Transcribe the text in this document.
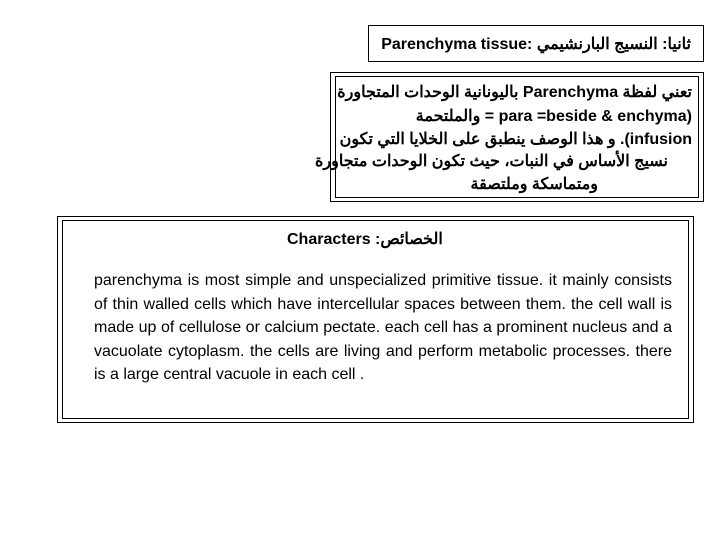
ثانيا: النسيج البارنشيمي :Parenchyma tissue
تعني لفظة Parenchyma باليونانية الوحدات المتجاورة
(para =beside & enchyma = والملتحمة
infusion). و هذا الوصف ينطبق على الخلايا التي تكون
نسيج الأساس في النبات، حيث تكون الوحدات متجاورة
ومتماسكة وملتصقة
Characters :الخصائص
parenchyma is most simple and unspecialized primitive tissue. it mainly consists of thin walled cells which have intercellular spaces between them. the cell wall is made up of cellulose or calcium pectate. each cell has a prominent nucleus and a vacuolate cytoplasm. the cells are living and perform metabolic processes. there is a large central vacuole in each cell .
